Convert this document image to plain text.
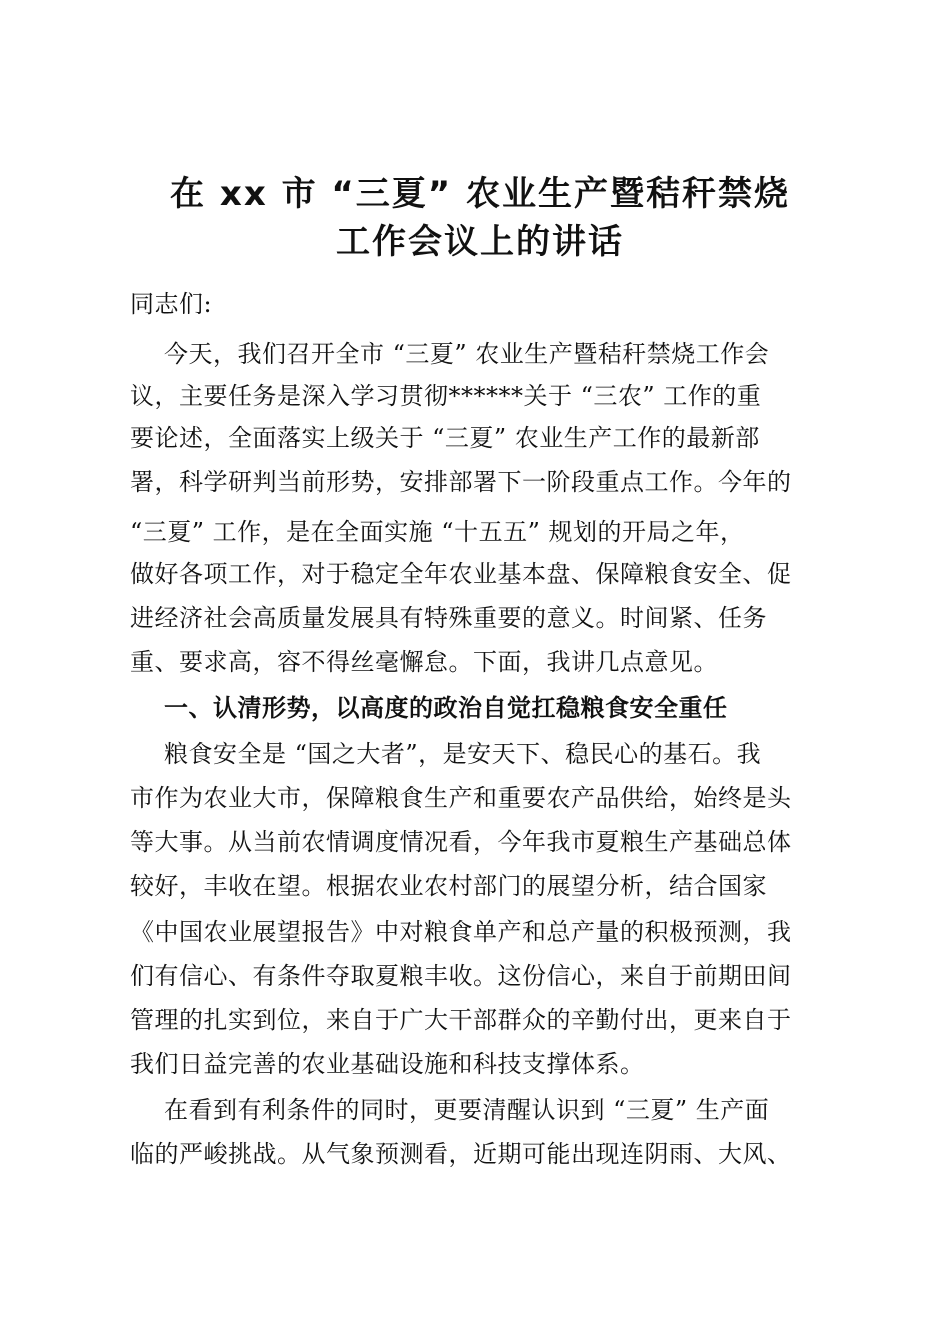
在 xx 市 “三夏” 农业生产暨秸秆禁烧
工作会议上的讲话
同志们:
今天，我们召开全市 “三夏” 农业生产暨秸秆禁烧工作会
议，主要任务是深入学习贯彻******关于 “三农” 工作的重
要论述，全面落实上级关于 “三夏” 农业生产工作的最新部
署，科学研判当前形势，安排部署下一阶段重点工作。今年的
“三夏” 工作，是在全面实施 “十五五” 规划的开局之年，
做好各项工作，对于稳定全年农业基本盘、保障粮食安全、促
进经济社会高质量发展具有特殊重要的意义。时间紧、任务
重、要求高，容不得丝毫懈怠。下面，我讲几点意见。
一、认清形势，以高度的政治自觉扛稳粮食安全重任
粮食安全是 “国之大者”，是安天下、稳民心的基石。我
市作为农业大市，保障粮食生产和重要农产品供给，始终是头
等大事。从当前农情调度情况看，今年我市夏粮生产基础总体
较好，丰收在望。根据农业农村部门的展望分析，结合国家
《中国农业展望报告》中对粮食单产和总产量的积极预测，我
们有信心、有条件夺取夏粮丰收。这份信心，来自于前期田间
管理的扎实到位，来自于广大干部群众的辛勤付出，更来自于
我们日益完善的农业基础设施和科技支撑体系。
在看到有利条件的同时，更要清醒认识到 “三夏” 生产面
临的严峻挑战。从气象预测看，近期可能出现连阴雨、大风、
